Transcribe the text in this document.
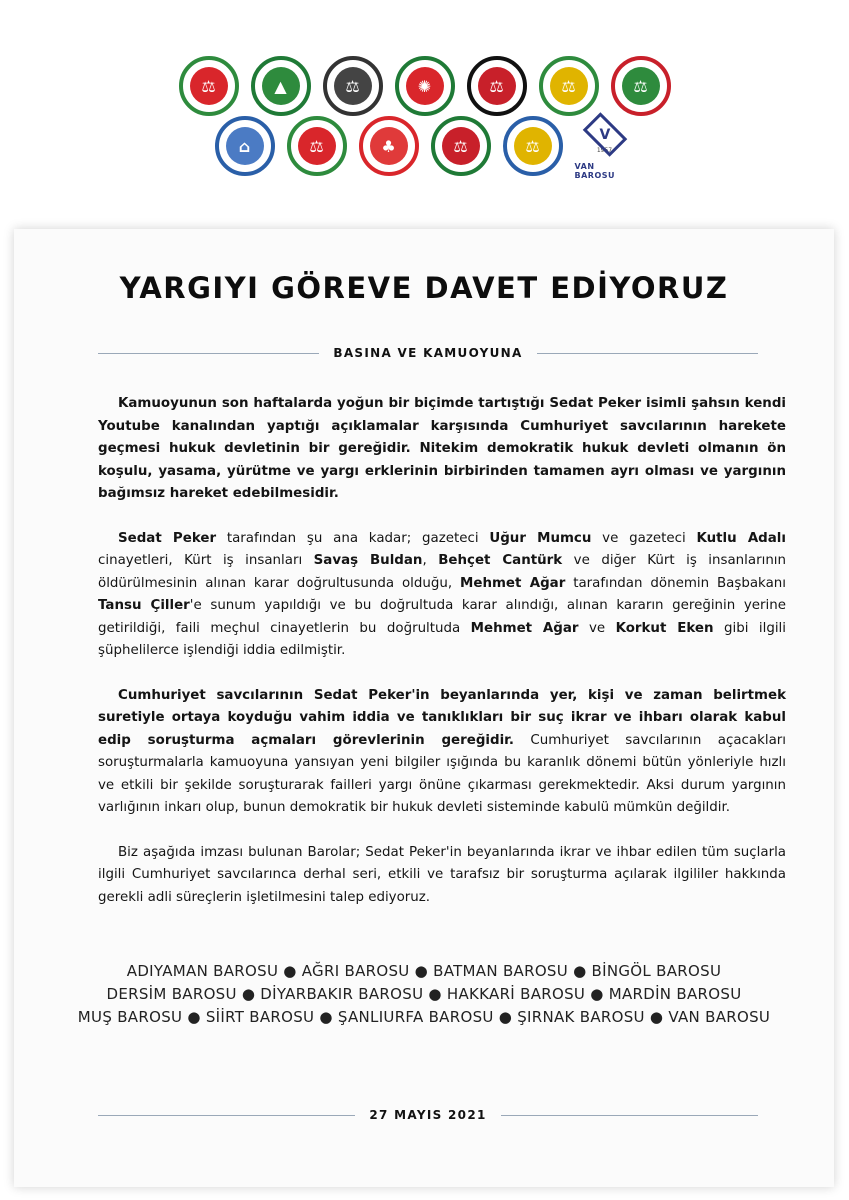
⚖	▲	⚖	✺	⚖	⚖	⚖
⌂	⚖	♣	⚖	⚖
V
1957
VAN BAROSU
YARGIYI GÖREVE DAVET EDİYORUZ
BASINA VE KAMUOYUNA

Kamuoyunun son haftalarda yoğun bir biçimde tartıştığı Sedat Peker isimli şahsın kendi Youtube kanalından yaptığı açıklamalar karşısında Cumhuriyet savcılarının harekete geçmesi hukuk devletinin bir gereğidir. Nitekim demokratik hukuk devleti olmanın ön koşulu, yasama, yürütme ve yargı erklerinin birbirinden tamamen ayrı olması ve yargının bağımsız hareket edebilmesidir.

Sedat Peker tarafından şu ana kadar; gazeteci Uğur Mumcu ve gazeteci Kutlu Adalı cinayetleri, Kürt iş insanları Savaş Buldan, Behçet Cantürk ve diğer Kürt iş insanlarının öldürülmesinin alınan karar doğrultusunda olduğu, Mehmet Ağar tarafından dönemin Başbakanı Tansu Çiller'e sunum yapıldığı ve bu doğrultuda karar alındığı, alınan kararın gereğinin yerine getirildiği, faili meçhul cinayetlerin bu doğrultuda Mehmet Ağar ve Korkut Eken gibi ilgili şüphelilerce işlendiği iddia edilmiştir.

Cumhuriyet savcılarının Sedat Peker'in beyanlarında yer, kişi ve zaman belirtmek suretiyle ortaya koyduğu vahim iddia ve tanıklıkları bir suç ikrar ve ihbarı olarak kabul edip soruşturma açmaları görevlerinin gereğidir. Cumhuriyet savcılarının açacakları soruşturmalarla kamuoyuna yansıyan yeni bilgiler ışığında bu karanlık dönemi bütün yönleriyle hızlı ve etkili bir şekilde soruşturarak failleri yargı önüne çıkarması gerekmektedir. Aksi durum yargının varlığının inkarı olup, bunun demokratik bir hukuk devleti sisteminde kabulü mümkün değildir.

Biz aşağıda imzası bulunan Barolar; Sedat Peker'in beyanlarında ikrar ve ihbar edilen tüm suçlarla ilgili Cumhuriyet savcılarınca derhal seri, etkili ve tarafsız bir soruşturma açılarak ilgililer hakkında gerekli adli süreçlerin işletilmesini talep ediyoruz.

ADIYAMAN BAROSU ● AĞRI BAROSU ● BATMAN BAROSU ● BİNGÖL BAROSU
DERSİM BAROSU ● DİYARBAKIR BAROSU ● HAKKARİ BAROSU ● MARDİN BAROSU
MUŞ BAROSU ● SİİRT BAROSU ● ŞANLIURFA BAROSU ● ŞIRNAK BAROSU ● VAN BAROSU
27 MAYIS 2021
